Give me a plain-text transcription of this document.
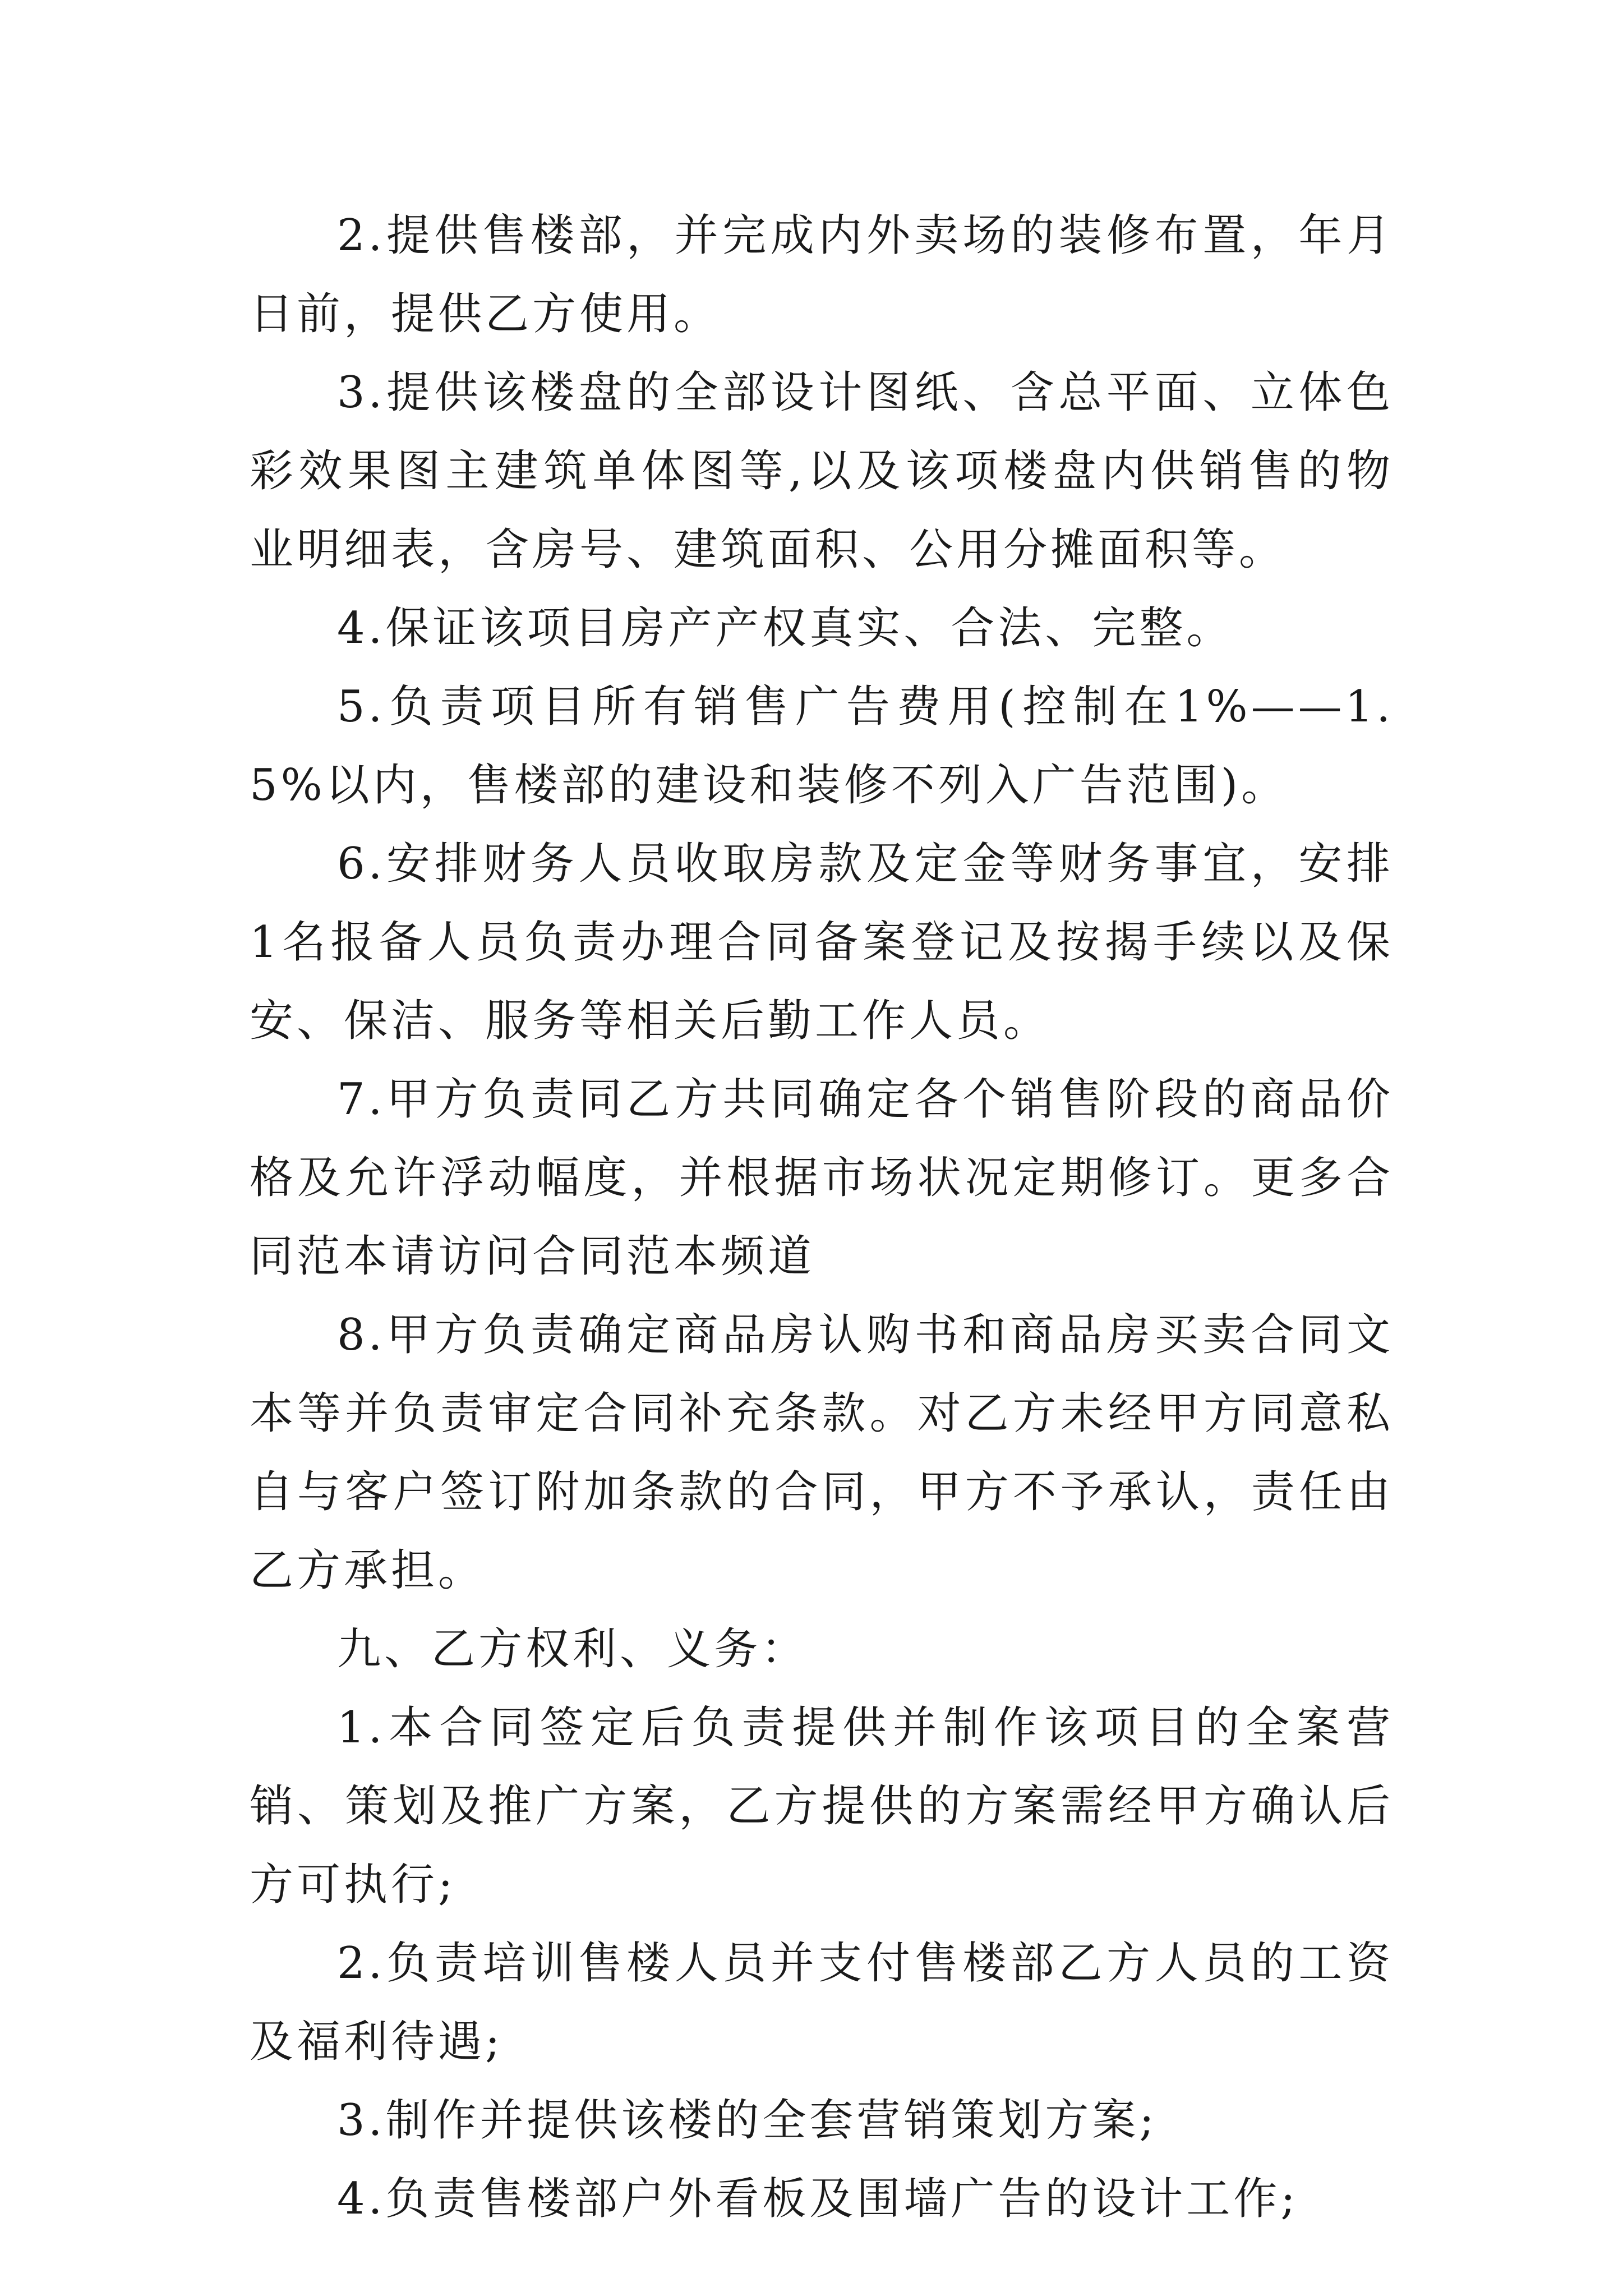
2.提供售楼部，并完成内外卖场的装修布置，年月日前，提供乙方使用。

3.提供该楼盘的全部设计图纸、含总平面、立体色彩效果图主建筑单体图等,以及该项楼盘内供销售的物业明细表，含房号、建筑面积、公用分摊面积等。

4.保证该项目房产产权真实、合法、完整。

5.负责项目所有销售广告费用(控制在1%——1.5%以内，售楼部的建设和装修不列入广告范围)。

6.安排财务人员收取房款及定金等财务事宜，安排1名报备人员负责办理合同备案登记及按揭手续以及保安、保洁、服务等相关后勤工作人员。

7.甲方负责同乙方共同确定各个销售阶段的商品价格及允许浮动幅度，并根据市场状况定期修订。更多合同范本请访问合同范本频道

8.甲方负责确定商品房认购书和商品房买卖合同文本等并负责审定合同补充条款。对乙方未经甲方同意私自与客户签订附加条款的合同，甲方不予承认，责任由乙方承担。

九、乙方权利、义务：

1.本合同签定后负责提供并制作该项目的全案营销、策划及推广方案，乙方提供的方案需经甲方确认后方可执行;

2.负责培训售楼人员并支付售楼部乙方人员的工资及福利待遇;

3.制作并提供该楼的全套营销策划方案;

4.负责售楼部户外看板及围墙广告的设计工作;
